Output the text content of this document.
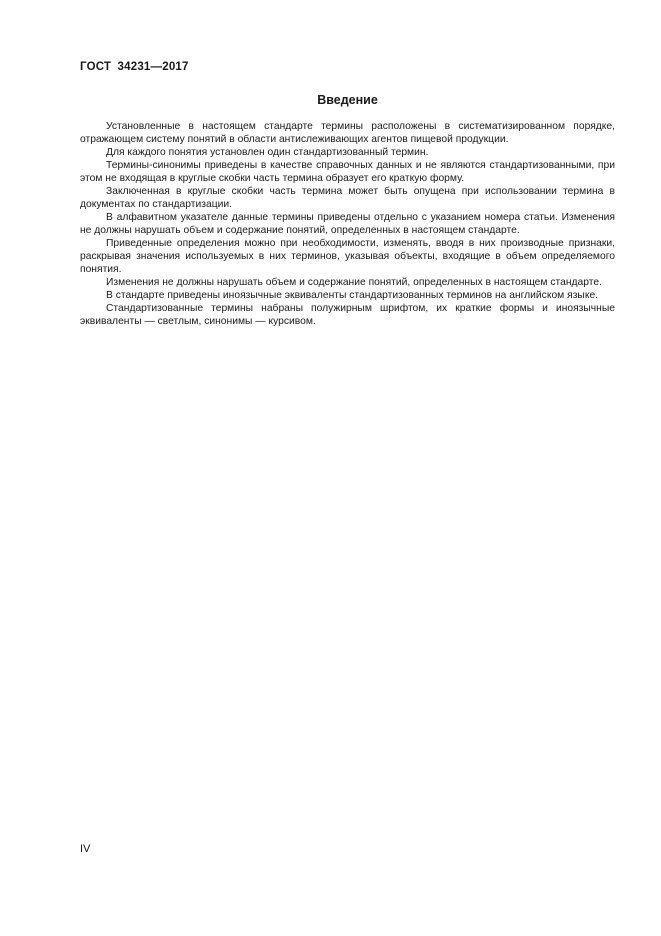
ГОСТ 34231—2017
Введение

Установленные в настоящем стандарте термины расположены в систематизированном порядке, отражающем систему понятий в области антислеживающих агентов пищевой продукции.

Для каждого понятия установлен один стандартизованный термин.

Термины-синонимы приведены в качестве справочных данных и не являются стандартизованными, при этом не входящая в круглые скобки часть термина образует его краткую форму.

Заключенная в круглые скобки часть термина может быть опущена при использовании термина в документах по стандартизации.

В алфавитном указателе данные термины приведены отдельно с указанием номера статьи. Изменения не должны нарушать объем и содержание понятий, определенных в настоящем стандарте.

Приведенные определения можно при необходимости, изменять, вводя в них производные признаки, раскрывая значения используемых в них терминов, указывая объекты, входящие в объем определяемого понятия.

Изменения не должны нарушать объем и содержание понятий, определенных в настоящем стандарте.

В стандарте приведены иноязычные эквиваленты стандартизованных терминов на английском языке.

Стандартизованные термины набраны полужирным шрифтом, их краткие формы и иноязычные эквиваленты — светлым, синонимы — курсивом.

IV
